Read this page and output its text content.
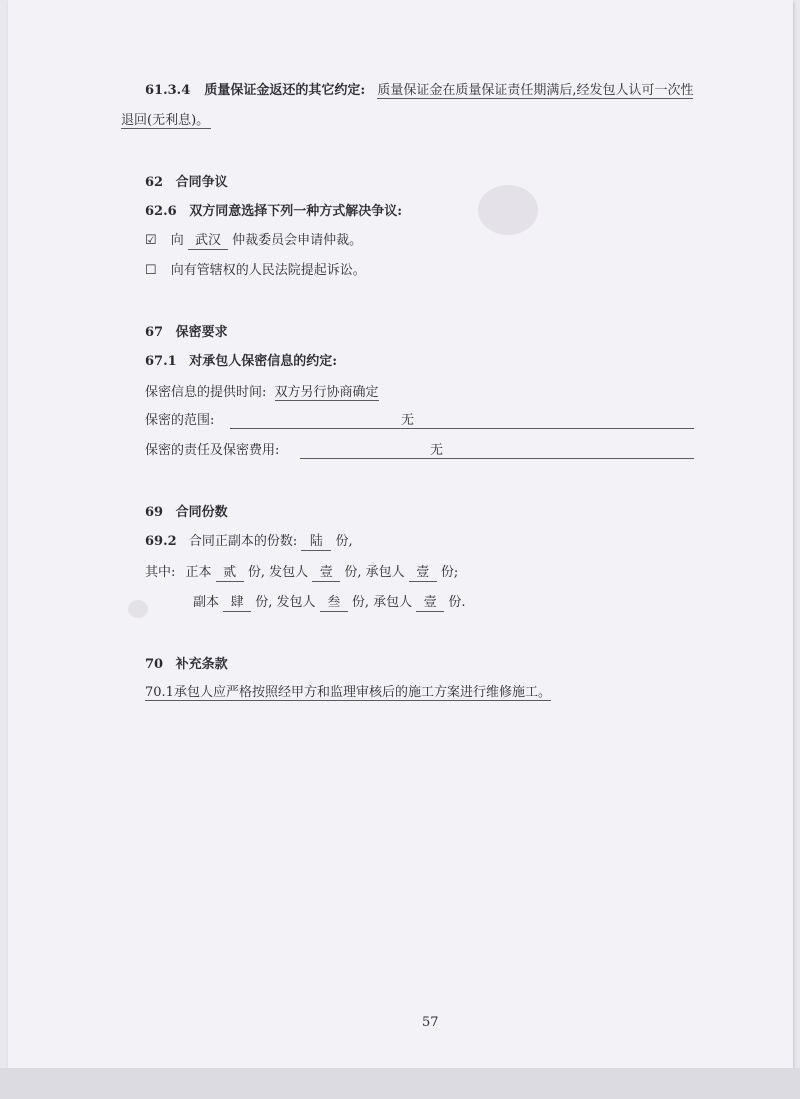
61.3.4 质量保证金返还的其它约定: 质量保证金在质量保证责任期满后,经发包人认可一次性
退回(无利息)。
62 合同争议
62.6 双方同意选择下列一种方式解决争议:
☑ 向 武汉 仲裁委员会申请仲裁。
☐ 向有管辖权的人民法院提起诉讼。
67 保密要求
67.1 对承包人保密信息的约定:
保密信息的提供时间: 双方另行协商确定
保密的范围:	无
保密的责任及保密费用:	无
69 合同份数
69.2 合同正副本的份数: 陆 份,
其中: 正本 贰 份, 发包人 壹 份, 承包人 壹 份;
副本 肆 份, 发包人 叁 份, 承包人 壹 份.
70 补充条款
70.1承包人应严格按照经甲方和监理审核后的施工方案进行维修施工。
57
